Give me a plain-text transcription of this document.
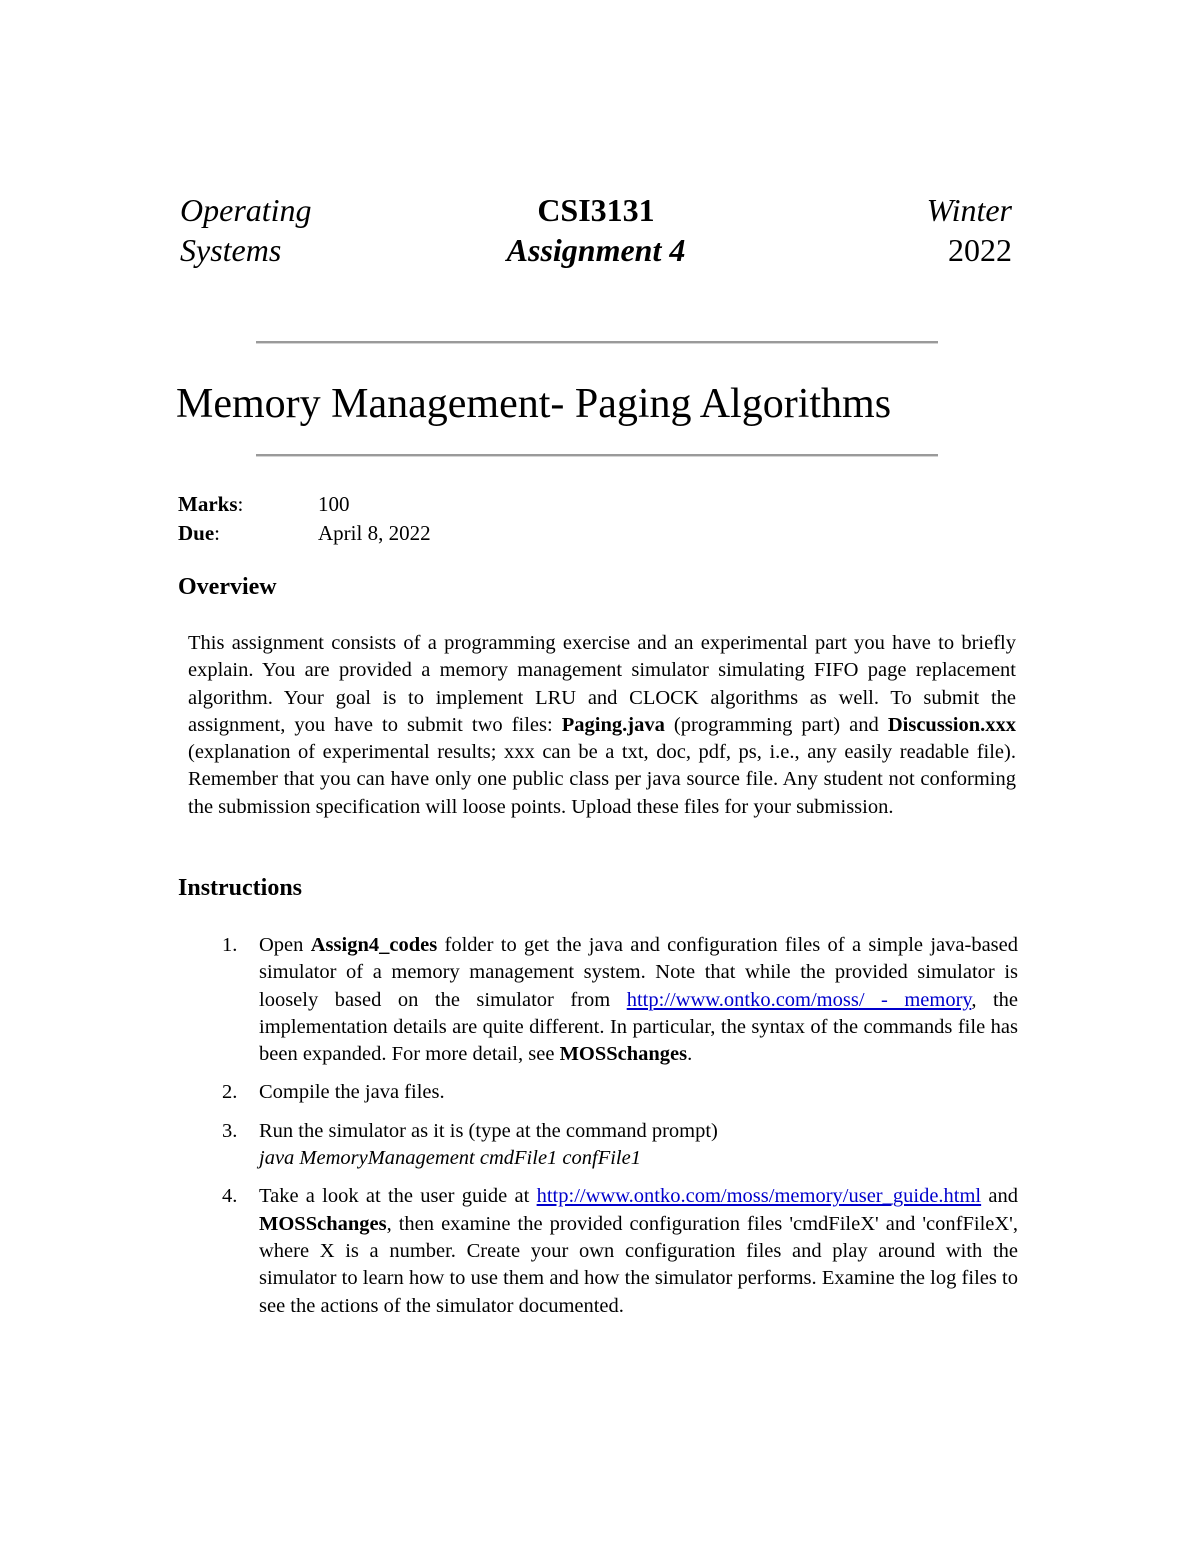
Operating
Systems
CSI3131
Assignment 4
Winter
2022
Memory Management- Paging Algorithms
Marks:	100
Due:	April 8, 2022
Overview
This assignment consists of a programming exercise and an experimental part you have to briefly explain. You are provided a memory management simulator simulating FIFO page replacement algorithm. Your goal is to implement LRU and CLOCK algorithms as well. To submit the assignment, you have to submit two files: Paging.java (programming part) and Discussion.xxx (explanation of experimental results; xxx can be a txt, doc, pdf, ps, i.e., any easily readable file). Remember that you can have only one public class per java source file. Any student not conforming the submission specification will loose points. Upload these files for your submission.
Instructions
1.	Open Assign4_codes folder to get the java and configuration files of a simple java-based simulator of a memory management system. Note that while the provided simulator is loosely based on the simulator from http://www.ontko.com/moss/ - memory, the implementation details are quite different. In particular, the syntax of the commands file has been expanded. For more detail, see MOSSchanges.
2.	Compile the java files.
3.	Run the simulator as it is (type at the command prompt)
java MemoryManagement cmdFile1 confFile1
4.	Take a look at the user guide at http://www.ontko.com/moss/memory/user_guide.html and MOSSchanges, then examine the provided configuration files 'cmdFileX' and 'confFileX', where X is a number. Create your own configuration files and play around with the simulator to learn how to use them and how the simulator performs. Examine the log files to see the actions of the simulator documented.
